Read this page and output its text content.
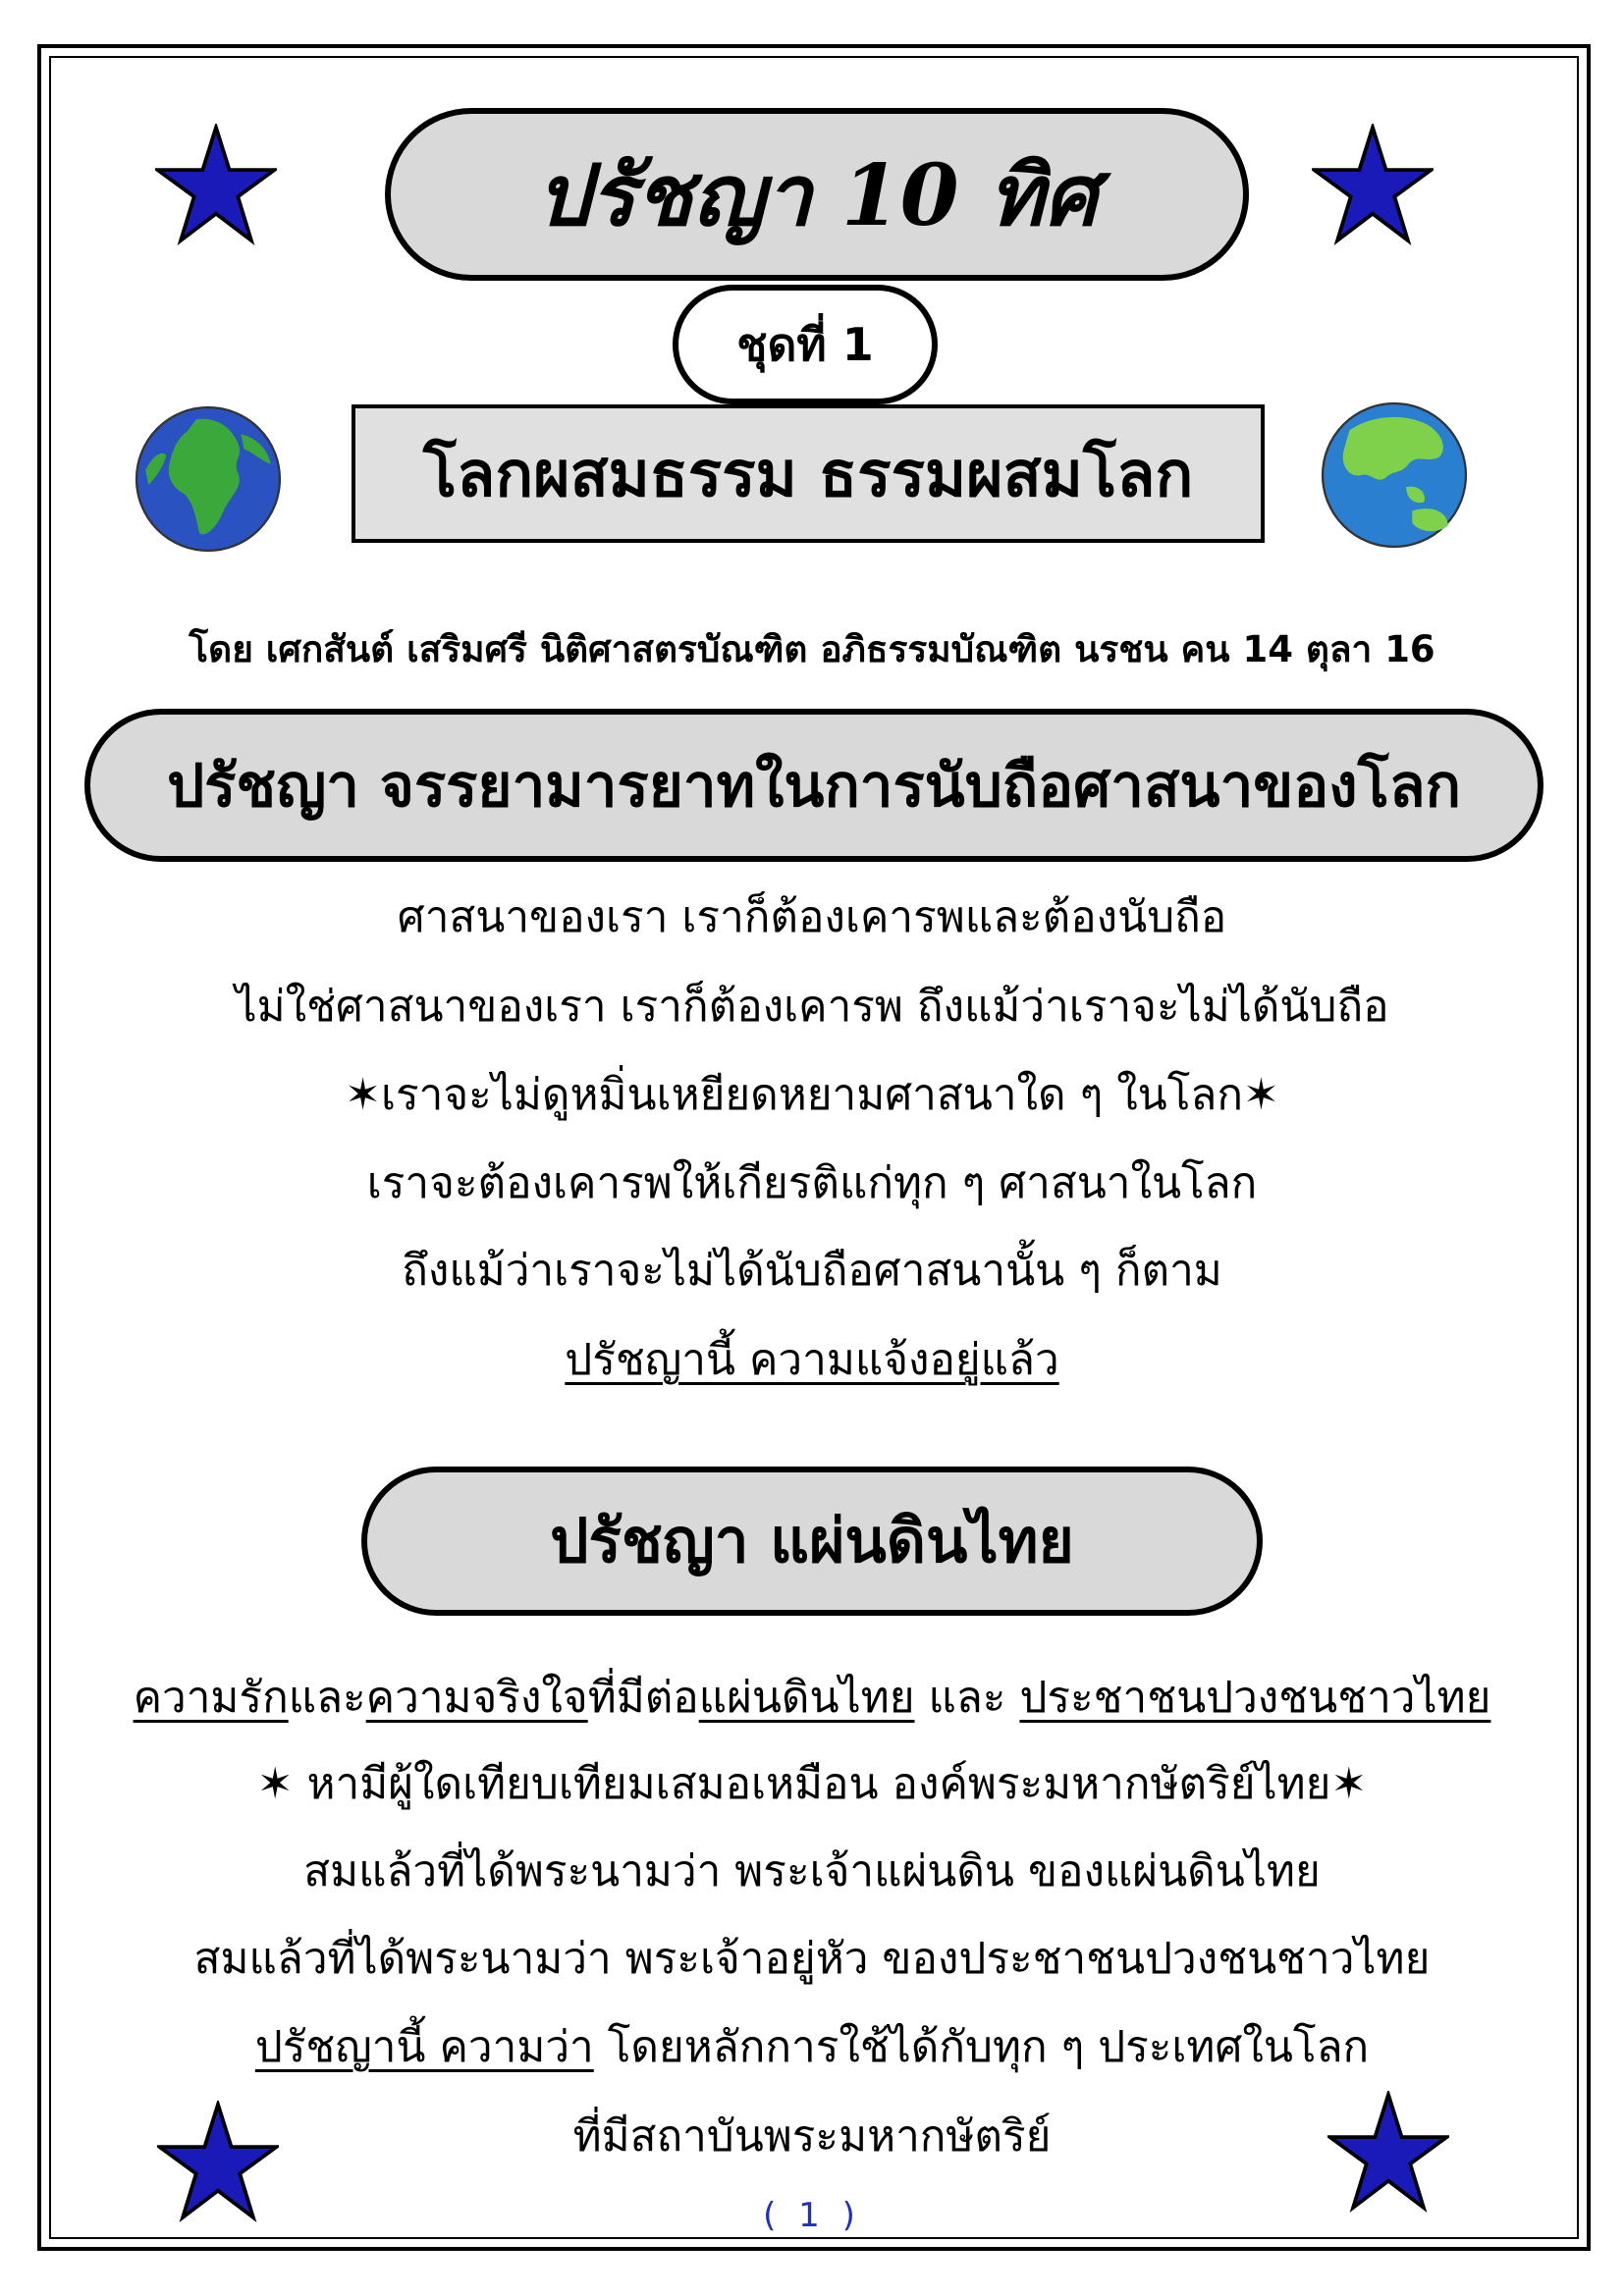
ปรัชญา 10 ทิศ
ชุดที่ 1
โลกผสมธรรม ธรรมผสมโลก
โดย เศกสันต์ เสริมศรี นิติศาสตรบัณฑิต อภิธรรมบัณฑิต นรชน คน 14 ตุลา 16
ปรัชญา จรรยามารยาทในการนับถือศาสนาของโลก
ศาสนาของเรา เราก็ต้องเคารพและต้องนับถือ
ไม่ใช่ศาสนาของเรา เราก็ต้องเคารพ ถึงแม้ว่าเราจะไม่ได้นับถือ
✶เราจะไม่ดูหมิ่นเหยียดหยามศาสนาใด ๆ ในโลก✶
เราจะต้องเคารพให้เกียรติแก่ทุก ๆ ศาสนาในโลก
ถึงแม้ว่าเราจะไม่ได้นับถือศาสนานั้น ๆ ก็ตาม
ปรัชญานี้ ความแจ้งอยู่แล้ว
ปรัชญา แผ่นดินไทย
ความรักและความจริงใจที่มีต่อแผ่นดินไทย และ ประชาชนปวงชนชาวไทย
✶ หามีผู้ใดเทียบเทียมเสมอเหมือน องค์พระมหากษัตริย์ไทย✶
สมแล้วที่ได้พระนามว่า พระเจ้าแผ่นดิน ของแผ่นดินไทย
สมแล้วที่ได้พระนามว่า พระเจ้าอยู่หัว ของประชาชนปวงชนชาวไทย
ปรัชญานี้ ความว่า โดยหลักการใช้ได้กับทุก ๆ ประเทศในโลก
ที่มีสถาบันพระมหากษัตริย์
( 1 )
